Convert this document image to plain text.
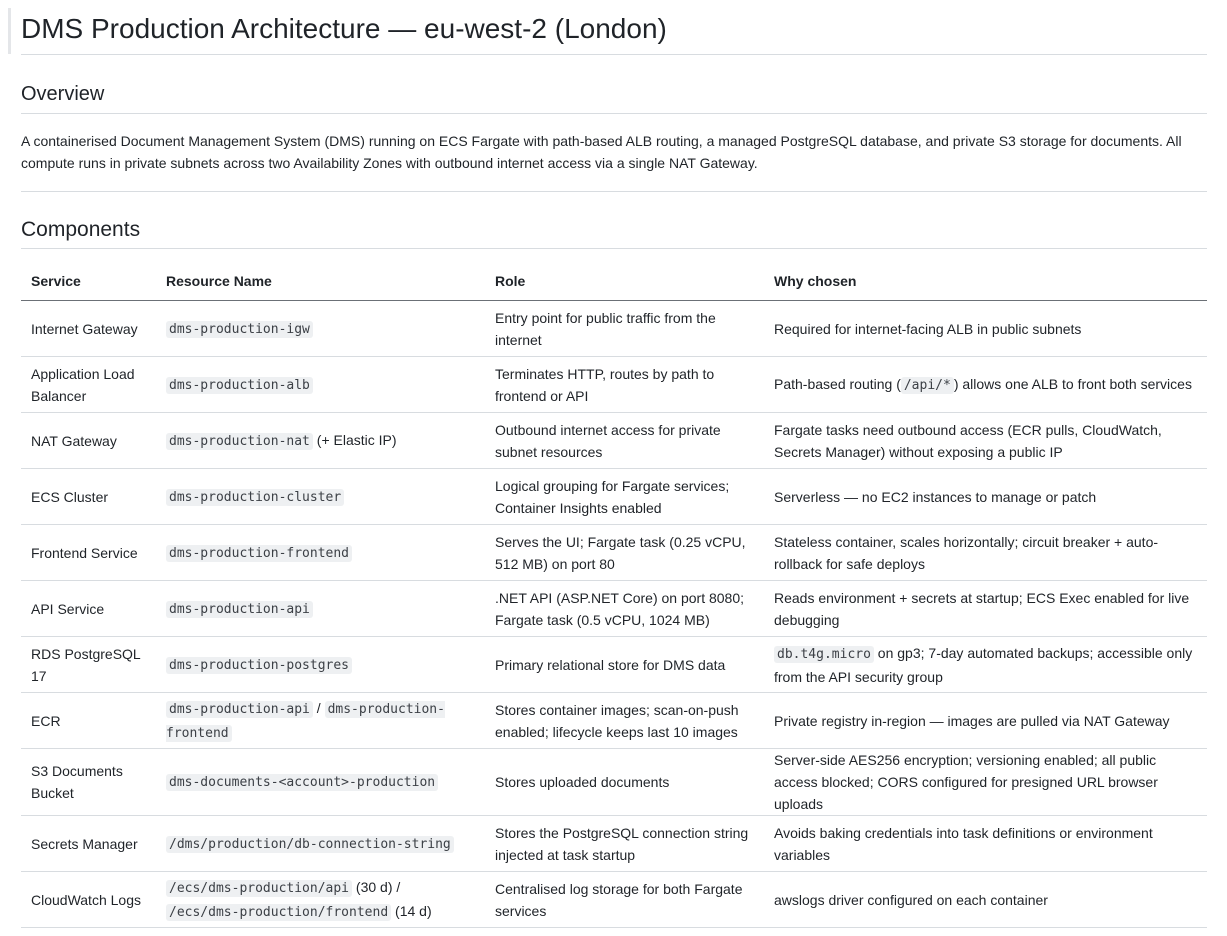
DMS Production Architecture — eu-west-2 (London)
Overview

A containerised Document Management System (DMS) running on ECS Fargate with path-based ALB routing, a managed PostgreSQL database, and private S3 storage for documents. All compute runs in private subnets across two Availability Zones with outbound internet access via a single NAT Gateway.

Components
Service	Resource Name	Role	Why chosen
Internet Gateway	dms-production-igw	Entry point for public traffic from the internet	Required for internet-facing ALB in public subnets
Application Load Balancer	dms-production-alb	Terminates HTTP, routes by path to frontend or API	Path-based routing ( /api/* ) allows one ALB to front both services
NAT Gateway	dms-production-nat (+ Elastic IP)	Outbound internet access for private subnet resources	Fargate tasks need outbound access (ECR pulls, CloudWatch, Secrets Manager) without exposing a public IP
ECS Cluster	dms-production-cluster	Logical grouping for Fargate services; Container Insights enabled	Serverless — no EC2 instances to manage or patch
Frontend Service	dms-production-frontend	Serves the UI; Fargate task (0.25 vCPU, 512 MB) on port 80	Stateless container, scales horizontally; circuit breaker + auto-rollback for safe deploys
API Service	dms-production-api	.NET API (ASP.NET Core) on port 8080; Fargate task (0.5 vCPU, 1024 MB)	Reads environment + secrets at startup; ECS Exec enabled for live debugging
RDS PostgreSQL 17	dms-production-postgres	Primary relational store for DMS data	db.t4g.micro on gp3; 7-day automated backups; accessible only from the API security group
ECR	dms-production-api / dms-production-frontend	Stores container images; scan-on-push enabled; lifecycle keeps last 10 images	Private registry in-region — images are pulled via NAT Gateway
S3 Documents Bucket	dms-documents-<account>-production	Stores uploaded documents	Server-side AES256 encryption; versioning enabled; all public access blocked; CORS configured for presigned URL browser uploads
Secrets Manager	/dms/production/db-connection-string	Stores the PostgreSQL connection string injected at task startup	Avoids baking credentials into task definitions or environment variables
CloudWatch Logs	/ecs/dms-production/api (30 d) / /ecs/dms-production/frontend (14 d)	Centralised log storage for both Fargate services	awslogs driver configured on each container
